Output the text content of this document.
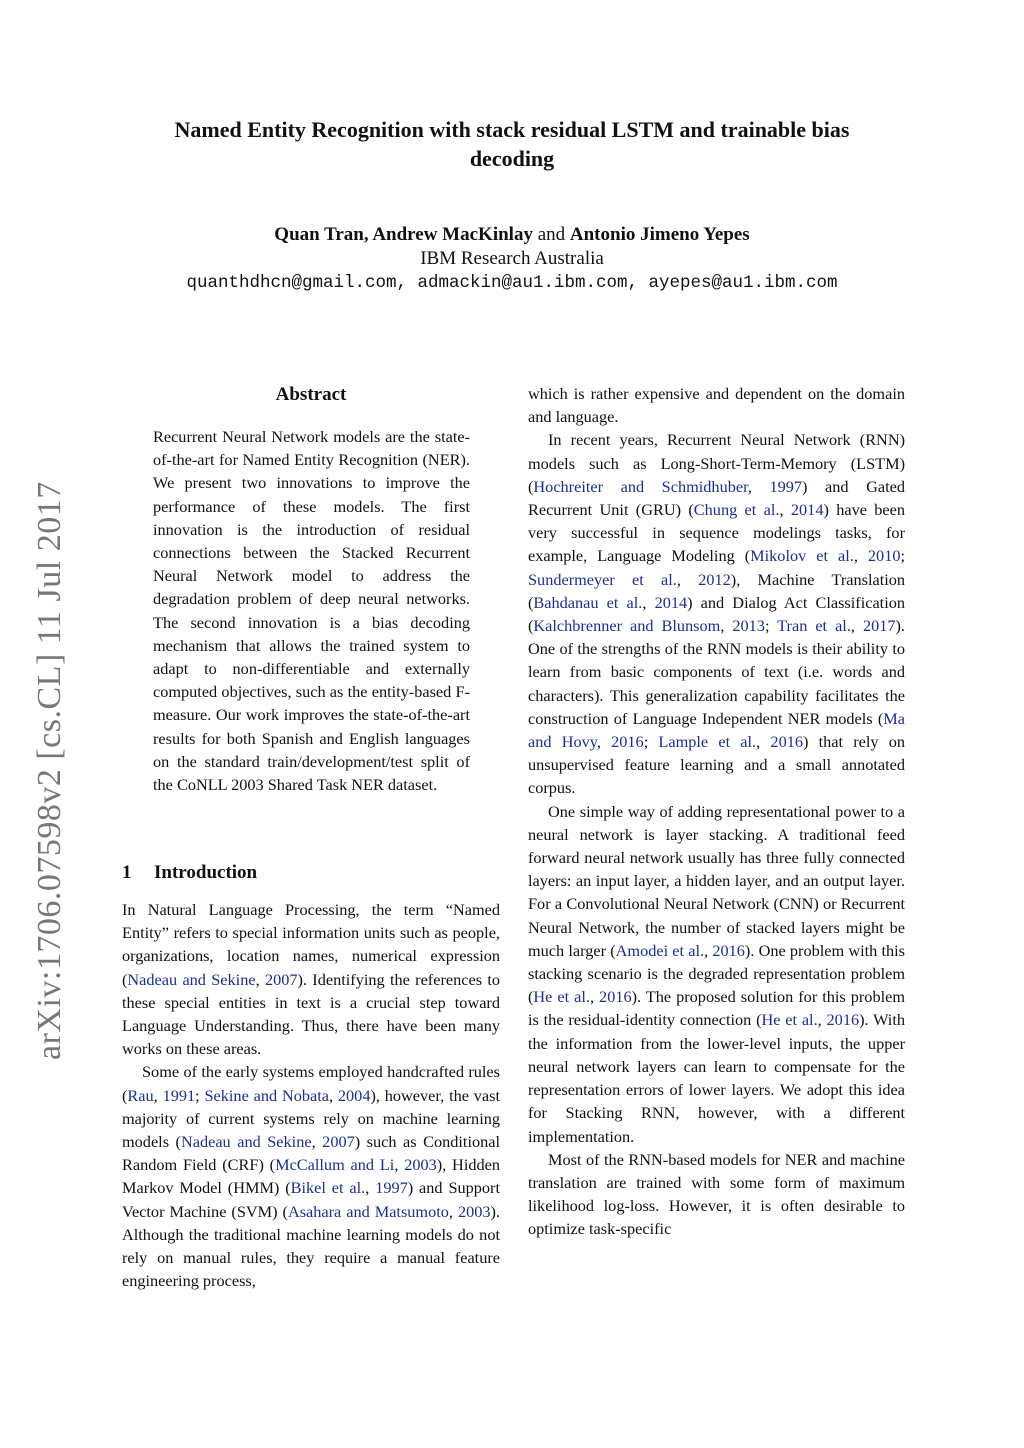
arXiv:1706.07598v2 [cs.CL] 11 Jul 2017
Named Entity Recognition with stack residual LSTM and trainable bias
decoding
Quan Tran, Andrew MacKinlay and Antonio Jimeno Yepes
IBM Research Australia
quanthdhcn@gmail.com, admackin@au1.ibm.com, ayepes@au1.ibm.com
Abstract

Recurrent Neural Network models are the state-of-the-art for Named Entity Recognition (NER). We present two innovations to improve the performance of these models. The first innovation is the introduction of residual connections between the Stacked Recurrent Neural Network model to address the degradation problem of deep neural networks. The second innovation is a bias decoding mechanism that allows the trained system to adapt to non-differentiable and externally computed objectives, such as the entity-based F-measure. Our work improves the state-of-the-art results for both Spanish and English languages on the standard train/development/test split of the CoNLL 2003 Shared Task NER dataset.

1 Introduction

In Natural Language Processing, the term “Named Entity” refers to special information units such as people, organizations, location names, numerical expression (Nadeau and Sekine, 2007). Identifying the references to these special entities in text is a crucial step toward Language Understanding. Thus, there have been many works on these areas.

Some of the early systems employed handcrafted rules (Rau, 1991; Sekine and Nobata, 2004), however, the vast majority of current systems rely on machine learning models (Nadeau and Sekine, 2007) such as Conditional Random Field (CRF) (McCallum and Li, 2003), Hidden Markov Model (HMM) (Bikel et al., 1997) and Support Vector Machine (SVM) (Asahara and Matsumoto, 2003). Although the traditional machine learning models do not rely on manual rules, they require a manual feature engineering process,

which is rather expensive and dependent on the domain and language.

In recent years, Recurrent Neural Network (RNN) models such as Long-Short-Term-Memory (LSTM) (Hochreiter and Schmidhuber, 1997) and Gated Recurrent Unit (GRU) (Chung et al., 2014) have been very successful in sequence modelings tasks, for example, Language Modeling (Mikolov et al., 2010; Sundermeyer et al., 2012), Machine Translation (Bahdanau et al., 2014) and Dialog Act Classification (Kalchbrenner and Blunsom, 2013; Tran et al., 2017). One of the strengths of the RNN models is their ability to learn from basic components of text (i.e. words and characters). This generalization capability facilitates the construction of Language Independent NER models (Ma and Hovy, 2016; Lample et al., 2016) that rely on unsupervised feature learning and a small annotated corpus.

One simple way of adding representational power to a neural network is layer stacking. A traditional feed forward neural network usually has three fully connected layers: an input layer, a hidden layer, and an output layer. For a Convolutional Neural Network (CNN) or Recurrent Neural Network, the number of stacked layers might be much larger (Amodei et al., 2016). One problem with this stacking scenario is the degraded representation problem (He et al., 2016). The proposed solution for this problem is the residual-identity connection (He et al., 2016). With the information from the lower-level inputs, the upper neural network layers can learn to compensate for the representation errors of lower layers. We adopt this idea for Stacking RNN, however, with a different implementation.

Most of the RNN-based models for NER and machine translation are trained with some form of maximum likelihood log-loss. However, it is often desirable to optimize task-specific
